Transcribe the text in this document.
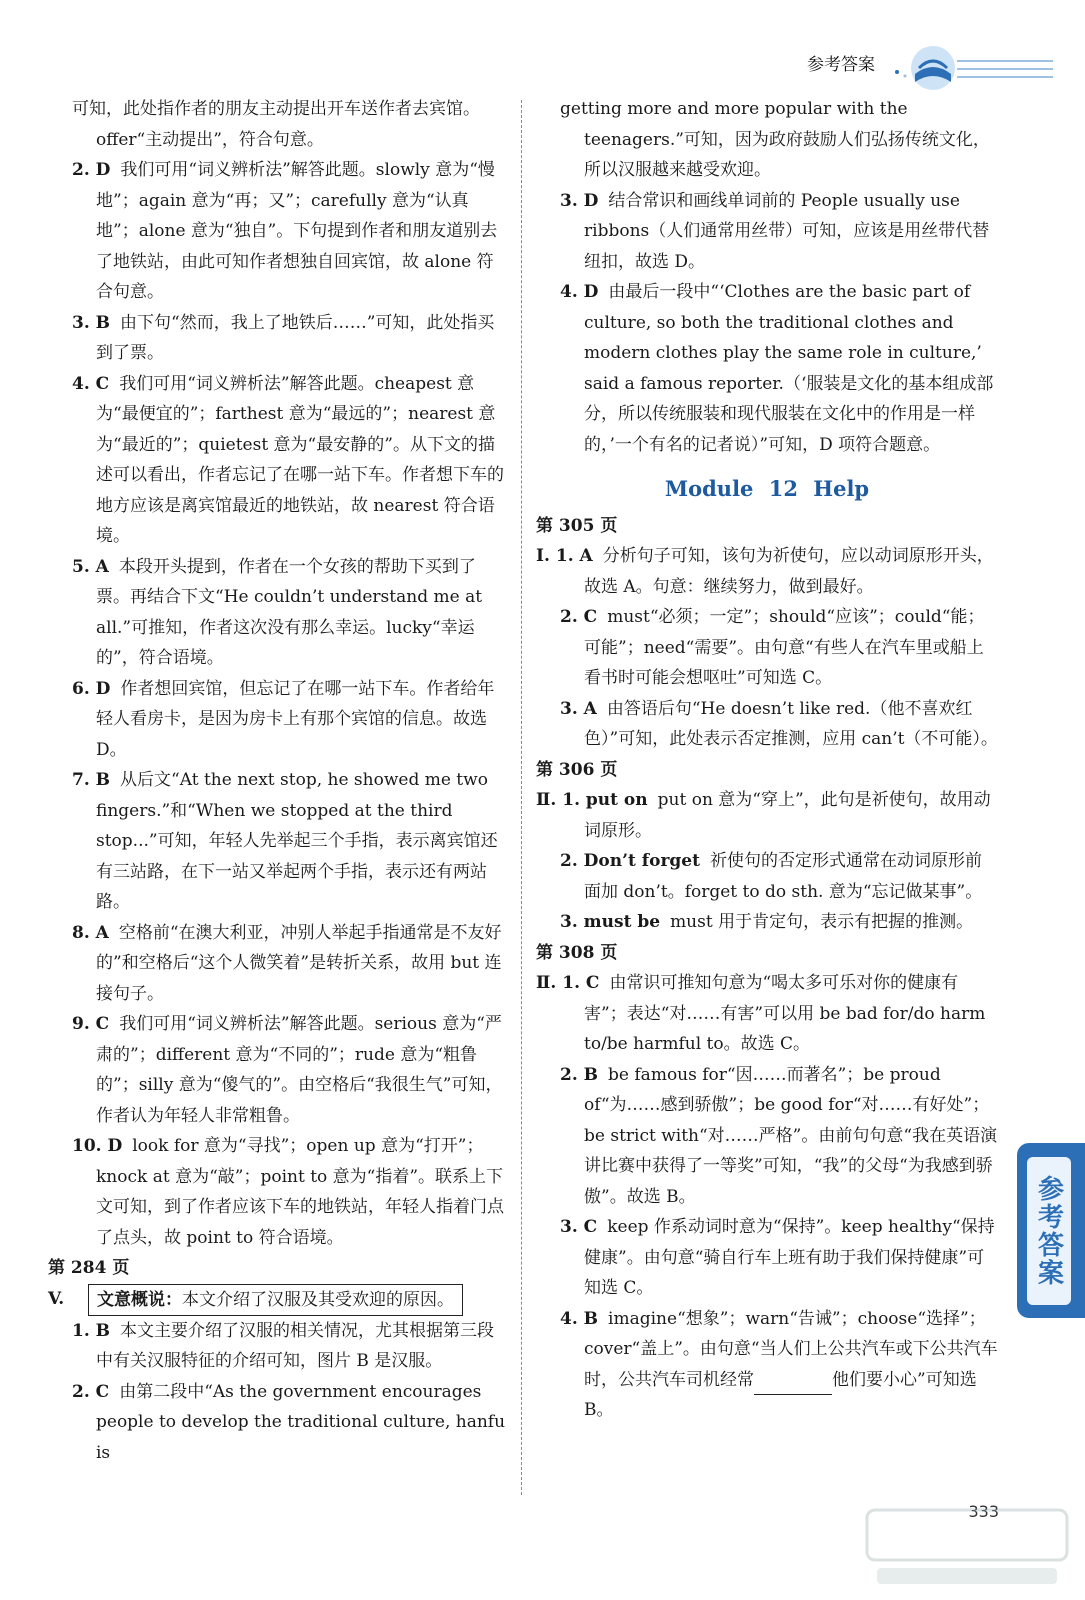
参考答案

可知，此处指作者的朋友主动提出开车送作者去宾馆。offer“主动提出”，符合句意。

2. D 我们可用“词义辨析法”解答此题。slowly 意为“慢地”；again 意为“再；又”；carefully 意为“认真地”；alone 意为“独自”。下句提到作者和朋友道别去了地铁站，由此可知作者想独自回宾馆，故 alone 符合句意。

3. B 由下句“然而，我上了地铁后……”可知，此处指买到了票。

4. C 我们可用“词义辨析法”解答此题。cheapest 意为“最便宜的”；farthest 意为“最远的”；nearest 意为“最近的”；quietest 意为“最安静的”。从下文的描述可以看出，作者忘记了在哪一站下车。作者想下车的地方应该是离宾馆最近的地铁站，故 nearest 符合语境。

5. A 本段开头提到，作者在一个女孩的帮助下买到了票。再结合下文“He couldn’t understand me at all.”可推知，作者这次没有那么幸运。lucky“幸运的”，符合语境。

6. D 作者想回宾馆，但忘记了在哪一站下车。作者给年轻人看房卡，是因为房卡上有那个宾馆的信息。故选 D。

7. B 从后文“At the next stop, he showed me two fingers.”和“When we stopped at the third stop...”可知，年轻人先举起三个手指，表示离宾馆还有三站路，在下一站又举起两个手指，表示还有两站路。

8. A 空格前“在澳大利亚，冲别人举起手指通常是不友好的”和空格后“这个人微笑着”是转折关系，故用 but 连接句子。

9. C 我们可用“词义辨析法”解答此题。serious 意为“严肃的”；different 意为“不同的”；rude 意为“粗鲁的”；silly 意为“傻气的”。由空格后“我很生气”可知，作者认为年轻人非常粗鲁。

10. D look for 意为“寻找”；open up 意为“打开”；knock at 意为“敲”；point to 意为“指着”。联系上下文可知，到了作者应该下车的地铁站，年轻人指着门点了点头，故 point to 符合语境。

第 284 页

V.	文意概说：本文介绍了汉服及其受欢迎的原因。

1. B 本文主要介绍了汉服的相关情况，尤其根据第三段中有关汉服特征的介绍可知，图片 B 是汉服。

2. C 由第二段中“As the government encourages people to develop the traditional culture, hanfu is

getting more and more popular with the teenagers.”可知，因为政府鼓励人们弘扬传统文化，所以汉服越来越受欢迎。

3. D 结合常识和画线单词前的 People usually use ribbons（人们通常用丝带）可知，应该是用丝带代替纽扣，故选 D。

4. D 由最后一段中“‘Clothes are the basic part of culture, so both the traditional clothes and modern clothes play the same role in culture,’ said a famous reporter.（‘服装是文化的基本组成部分，所以传统服装和现代服装在文化中的作用是一样的，’一个有名的记者说）”可知，D 项符合题意。

Module 12 Help

第 305 页

Ⅰ. 1. A 分析句子可知，该句为祈使句，应以动词原形开头，故选 A。句意：继续努力，做到最好。

2. C must“必须；一定”；should“应该”；could“能；可能”；need“需要”。由句意“有些人在汽车里或船上看书时可能会想呕吐”可知选 C。

3. A 由答语后句“He doesn’t like red.（他不喜欢红色）”可知，此处表示否定推测，应用 can’t（不可能）。

第 306 页

Ⅱ. 1. put on put on 意为“穿上”，此句是祈使句，故用动词原形。

2. Don’t forget 祈使句的否定形式通常在动词原形前面加 don’t。forget to do sth. 意为“忘记做某事”。

3. must be must 用于肯定句，表示有把握的推测。

第 308 页

Ⅱ. 1. C 由常识可推知句意为“喝太多可乐对你的健康有害”；表达“对……有害”可以用 be bad for/do harm to/be harmful to。故选 C。

2. B be famous for“因……而著名”；be proud of“为……感到骄傲”；be good for“对……有好处”；be strict with“对……严格”。由前句句意“我在英语演讲比赛中获得了一等奖”可知，“我”的父母“为我感到骄傲”。故选 B。

3. C keep 作系动词时意为“保持”。keep healthy“保持健康”。由句意“骑自行车上班有助于我们保持健康”可知选 C。

4. B imagine“想象”；warn“告诫”；choose“选择”；cover“盖上”。由句意“当人们上公共汽车或下公共汽车时，公共汽车司机经常	他们要小心”可知选 B。

参考答案
333
